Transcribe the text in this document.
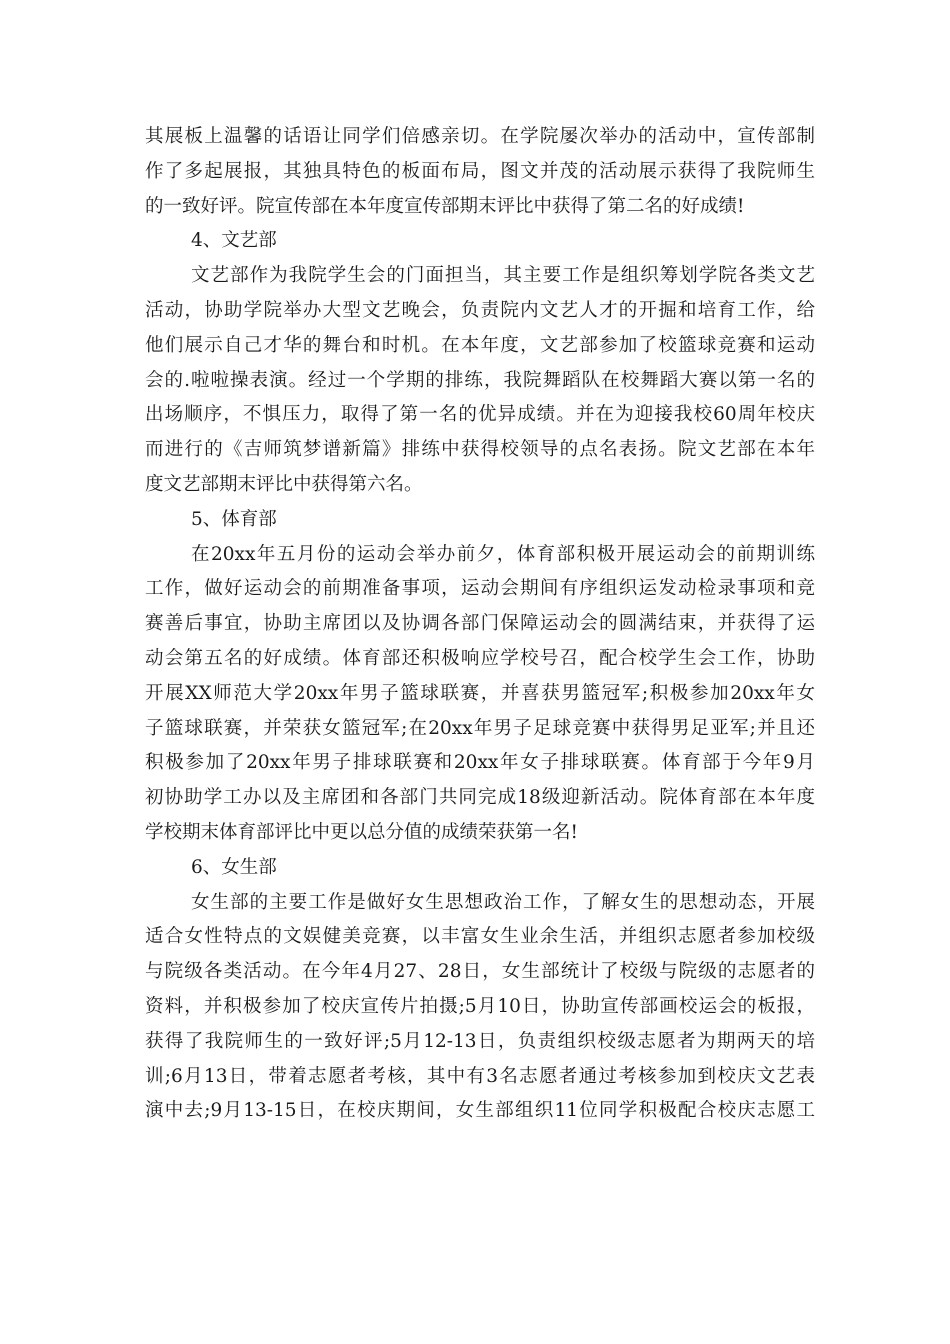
其展板上温馨的话语让同学们倍感亲切。在学院屡次举办的活动中，宣传部制
作了多起展报，其独具特色的板面布局，图文并茂的活动展示获得了我院师生
的一致好评。院宣传部在本年度宣传部期末评比中获得了第二名的好成绩!
4、文艺部
文艺部作为我院学生会的门面担当，其主要工作是组织筹划学院各类文艺
活动，协助学院举办大型文艺晚会，负责院内文艺人才的开掘和培育工作，给
他们展示自己才华的舞台和时机。在本年度，文艺部参加了校篮球竞赛和运动
会的.啦啦操表演。经过一个学期的排练，我院舞蹈队在校舞蹈大赛以第一名的
出场顺序，不惧压力，取得了第一名的优异成绩。并在为迎接我校60周年校庆
而进行的《吉师筑梦谱新篇》排练中获得校领导的点名表扬。院文艺部在本年
度文艺部期末评比中获得第六名。
5、体育部
在20xx年五月份的运动会举办前夕，体育部积极开展运动会的前期训练
工作，做好运动会的前期准备事项，运动会期间有序组织运发动检录事项和竞
赛善后事宜，协助主席团以及协调各部门保障运动会的圆满结束，并获得了运
动会第五名的好成绩。体育部还积极响应学校号召，配合校学生会工作，协助
开展XX师范大学20xx年男子篮球联赛，并喜获男篮冠军;积极参加20xx年女
子篮球联赛，并荣获女篮冠军;在20xx年男子足球竞赛中获得男足亚军;并且还
积极参加了20xx年男子排球联赛和20xx年女子排球联赛。体育部于今年9月
初协助学工办以及主席团和各部门共同完成18级迎新活动。院体育部在本年度
学校期末体育部评比中更以总分值的成绩荣获第一名!
6、女生部
女生部的主要工作是做好女生思想政治工作，了解女生的思想动态，开展
适合女性特点的文娱健美竞赛，以丰富女生业余生活，并组织志愿者参加校级
与院级各类活动。在今年4月27、28日，女生部统计了校级与院级的志愿者的
资料，并积极参加了校庆宣传片拍摄;5月10日，协助宣传部画校运会的板报，
获得了我院师生的一致好评;5月12-13日，负责组织校级志愿者为期两天的培
训;6月13日，带着志愿者考核，其中有3名志愿者通过考核参加到校庆文艺表
演中去;9月13-15日，在校庆期间，女生部组织11位同学积极配合校庆志愿工
